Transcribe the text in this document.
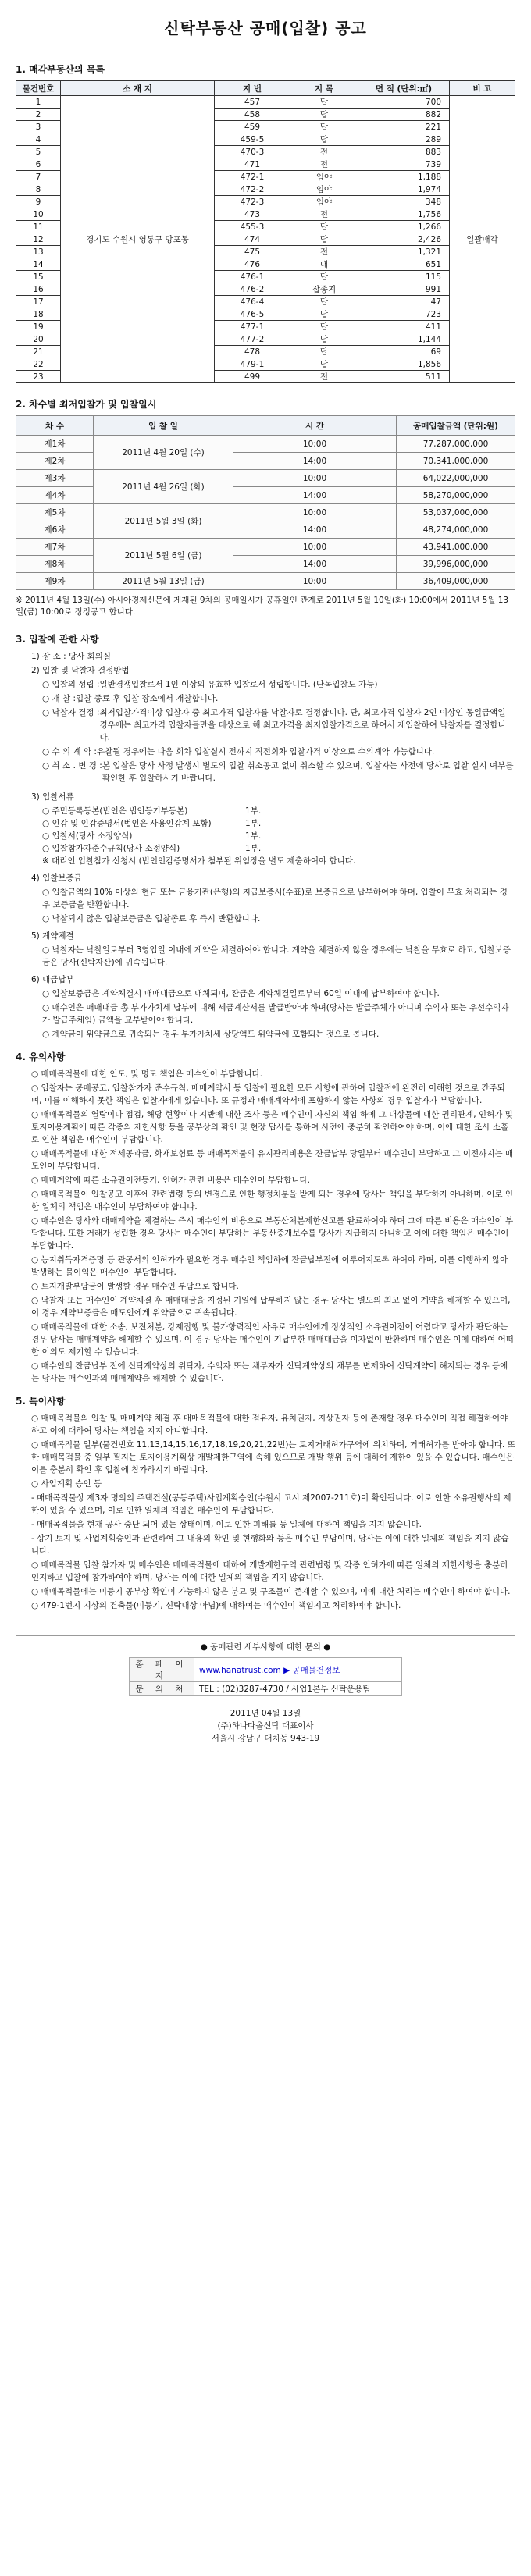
신탁부동산 공매(입찰) 공고
1. 매각부동산의 목록
물건번호	소 재 지	지 번	지 목	면 적 (단위:㎡)	비 고
1	경기도 수원시 영통구 망포동	457	답	700	일괄매각
2		458	답	882	
3		459	답	221	
4		459-5	답	289	
5		470-3	전	883	
6		471	전	739	
7		472-1	임야	1,188	
8		472-2	임야	1,974	
9		472-3	임야	348	
10		473	전	1,756	
11		455-3	답	1,266	
12		474	답	2,426	
13		475	전	1,321	
14		476	대	651	
15		476-1	답	115	
16		476-2	잡종지	991	
17		476-4	답	47	
18		476-5	답	723	
19		477-1	답	411	
20		477-2	답	1,144	
21		478	답	69	
22		479-1	답	1,856	
23		499	전	511	
2. 차수별 최저입찰가 및 입찰일시
차 수	입 찰 일	시 간	공매입찰금액 (단위:원)
제1차	2011년 4월 20일 (수)	10:00	77,287,000,000
제2차		14:00	70,341,000,000
제3차	2011년 4월 26일 (화)	10:00	64,022,000,000
제4차		14:00	58,270,000,000
제5차	2011년 5월 3일 (화)	10:00	53,037,000,000
제6차		14:00	48,274,000,000
제7차	2011년 5월 6일 (금)	10:00	43,941,000,000
제8차		14:00	39,996,000,000
제9차	2011년 5월 13일 (금)	10:00	36,409,000,000
※ 2011년 4월 13일(수) 아시아경제신문에 게재된 9차의 공매일시가 공휴일인 관계로 2011년 5월 10일(화) 10:00에서 2011년 5월 13일(금) 10:00로 정정공고 합니다.
3. 입찰에 관한 사항
1) 장 소 : 당사 회의실
2) 입찰 및 낙찰자 결정방법
○ 입찰의 성립 : 일반경쟁입찰로서 1인 이상의 유효한 입찰로서 성립합니다. (단독입찰도 가능)
○ 개 찰 : 입찰 종료 후 입찰 장소에서 개찰합니다.
○ 낙찰자 결정 : 최저입찰가격이상 입찰자 중 최고가격 입찰자를 낙찰자로 결정합니다. 단, 최고가격 입찰자 2인 이상인 동일금액일 경우에는 최고가격 입찰자들만을 대상으로 해 최고가격을 최저입찰가격으로 하여서 재입찰하여 낙찰자를 결정합니다.
○ 수 의 계 약 : 유찰될 경우에는 다음 회차 입찰실시 전까지 직전회차 입찰가격 이상으로 수의계약 가능합니다.
○ 취 소 ․ 변 경 : 본 입찰은 당사 사정 발생시 별도의 입찰 취소공고 없이 취소할 수 있으며, 입찰자는 사전에 당사로 입찰 실시 여부를 확인한 후 입찰하시기 바랍니다.
3) 입찰서류
○ 주민등록등본(법인은 법인등기부등본)	1부.
○ 인감 및 인감증명서(법인은 사용인감계 포함)	1부.
○ 입찰서(당사 소정양식)	1부.
○ 입찰참가자준수규칙(당사 소정양식)	1부.
※ 대리인 입찰참가 신청시 (법인인감증명서가 첨부된 위임장을 별도 제출하여야 합니다.
4) 입찰보증금
○ 입찰금액의 10% 이상의 현금 또는 금융기관(은행)의 지급보증서(수표)로 보증금으로 납부하여야 하며, 입찰이 무효 처리되는 경우 보증금을 반환합니다.
○ 낙찰되지 않은 입찰보증금은 입찰종료 후 즉시 반환합니다.
5) 계약체결
○ 낙찰자는 낙찰일로부터 3영업일 이내에 계약을 체결하여야 합니다. 계약을 체결하지 않을 경우에는 낙찰을 무효로 하고, 입찰보증금은 당사(신탁자산)에 귀속됩니다.
6) 대금납부
○ 입찰보증금은 계약체결시 매매대금으로 대체되며, 잔금은 계약체결일로부터 60일 이내에 납부하여야 합니다.
○ 매수인은 매매대금 총 부가가치세 납부에 대해 세금계산서를 발급받아야 하며(당사는 발급주체가 아니며 수익자 또는 우선수익자가 발급주체임) 금액을 교부받아야 합니다.
○ 계약금이 위약금으로 귀속되는 경우 부가가치세 상당액도 위약금에 포함되는 것으로 봅니다.
4. 유의사항
○ 매매목적물에 대한 인도, 및 명도 책임은 매수인이 부담합니다.
○ 입찰자는 공매공고, 입찰참가자 준수규칙, 매매계약서 등 입찰에 필요한 모든 사항에 관하여 입찰전에 완전히 이해한 것으로 간주되며, 이를 이해하지 못한 책임은 입찰자에게 있습니다. 또 규정과 매매계약서에 포함하지 않는 사항의 경우 입찰자가 부담합니다.
○ 매매목적물의 열람이나 점검, 해당 현황이나 지반에 대한 조사 등은 매수인이 자신의 책임 하에 그 대상물에 대한 권리관계, 인허가 및 토지이용계획에 따른 각종의 제한사항 등을 공부상의 확인 및 현장 답사를 통하여 사전에 충분히 확인하여야 하며, 이에 대한 조사 소홀로 인한 책임은 매수인이 부담합니다.
○ 매매목적물에 대한 적세공과금, 화재보험료 등 매매목적물의 유지관리비용은 잔금납부 당일부터 매수인이 부담하고 그 이전까지는 매도인이 부담합니다.
○ 매매계약에 따른 소유권이전등기, 인허가 관련 비용은 매수인이 부담합니다.
○ 매매목적물이 입찰공고 이후에 관련법령 등의 변경으로 인한 행정처분을 받게 되는 경우에 당사는 책임을 부담하지 아니하며, 이로 인한 일체의 책임은 매수인이 부담하여야 합니다.
○ 매수인은 당사와 매매계약을 체결하는 즉시 매수인의 비용으로 부동산처분제한신고를 완료하여야 하며 그에 따른 비용은 매수인이 부담합니다. 또한 거래가 성립한 경우 당사는 매수인이 부담하는 부동산중개보수를 당사가 지급하지 아니하고 이에 대한 책임은 매수인이 부담합니다.
○ 농지취득자격증명 등 관공서의 인허가가 필요한 경우 매수인 책임하에 잔금납부전에 이루어지도록 하여야 하며, 이를 이행하지 않아 발생하는 불이익은 매수인이 부담합니다.
○ 토지개발부담금이 발생할 경우 매수인 부담으로 합니다.
○ 낙찰자 또는 매수인이 계약체결 후 매매대금을 지정된 기일에 납부하지 않는 경우 당사는 별도의 최고 없이 계약을 해제할 수 있으며, 이 경우 계약보증금은 매도인에게 위약금으로 귀속됩니다.
○ 매매목적물에 대한 소송, 보전처분, 강제집행 및 불가항력적인 사유로 매수인에게 정상적인 소유권이전이 어렵다고 당사가 판단하는 경우 당사는 매매계약을 해제할 수 있으며, 이 경우 당사는 매수인이 기납부한 매매대금을 이자없이 반환하며 매수인은 이에 대하여 어떠한 이의도 제기할 수 없습니다.
○ 매수인의 잔금납부 전에 신탁계약상의 위탁자, 수익자 또는 채무자가 신탁계약상의 채무를 변제하여 신탁계약이 해지되는 경우 등에는 당사는 매수인과의 매매계약을 해제할 수 있습니다.
5. 특이사항
○ 매매목적물의 입찰 및 매매계약 체결 후 매매목적물에 대한 점유자, 유치권자, 지상권자 등이 존재할 경우 매수인이 직접 해결하여야 하고 이에 대하여 당사는 책임을 지지 아니합니다.
○ 매매목적물 일부(물건번호 11,13,14,15,16,17,18,19,20,21,22번)는 토지거래허가구역에 위치하며, 거래허가를 받아야 합니다. 또한 매매목적물 중 일부 필지는 토지이용계획상 개발제한구역에 속해 있으므로 개발 행위 등에 대하여 제한이 있을 수 있습니다. 매수인은 이를 충분히 확인 후 입찰에 참가하시기 바랍니다.
○ 사업계획 승인 등
- 매매목적물상 제3자 명의의 주택건설(공동주택)사업계획승인(수원시 고시 제2007-211호)이 확인됩니다. 이로 인한 소유권행사의 제한이 있을 수 있으며, 이로 인한 일체의 책임은 매수인이 부담합니다.
- 매매목적물을 현재 공사 중단 되어 있는 상태이며, 이로 인한 피해를 등 일체에 대하여 책임을 지지 않습니다.
- 상기 토지 및 사업계획승인과 관련하여 그 내용의 확인 및 현행화와 등은 매수인 부담이며, 당사는 이에 대한 일체의 책임을 지지 않습니다.
○ 매매목적물 입찰 참가자 및 매수인은 매매목적물에 대하여 개발제한구역 관련법령 및 각종 인허가에 따른 일체의 제한사항을 충분히 인지하고 입찰에 참가하여야 하며, 당사는 이에 대한 일체의 책임을 지지 않습니다.
○ 매매목적물에는 미등기 공부상 확인이 가능하지 않은 분묘 및 구조물이 존재할 수 있으며, 이에 대한 처리는 매수인이 하여야 합니다.
○ 479-1번지 지상의 건축물(미등기, 신탁대상 아님)에 대하여는 매수인이 책임지고 처리하여야 합니다.
● 공매관련 세부사항에 대한 문의 ●
홈 페 이 지	www.hanatrust.com ▶ 공매물건정보
문 의 처	TEL : (02)3287-4730 / 사업1본부 신탁운용팀
2011년 04월 13일
(주)하나다올신탁 대표이사
서울시 강남구 대치동 943-19
